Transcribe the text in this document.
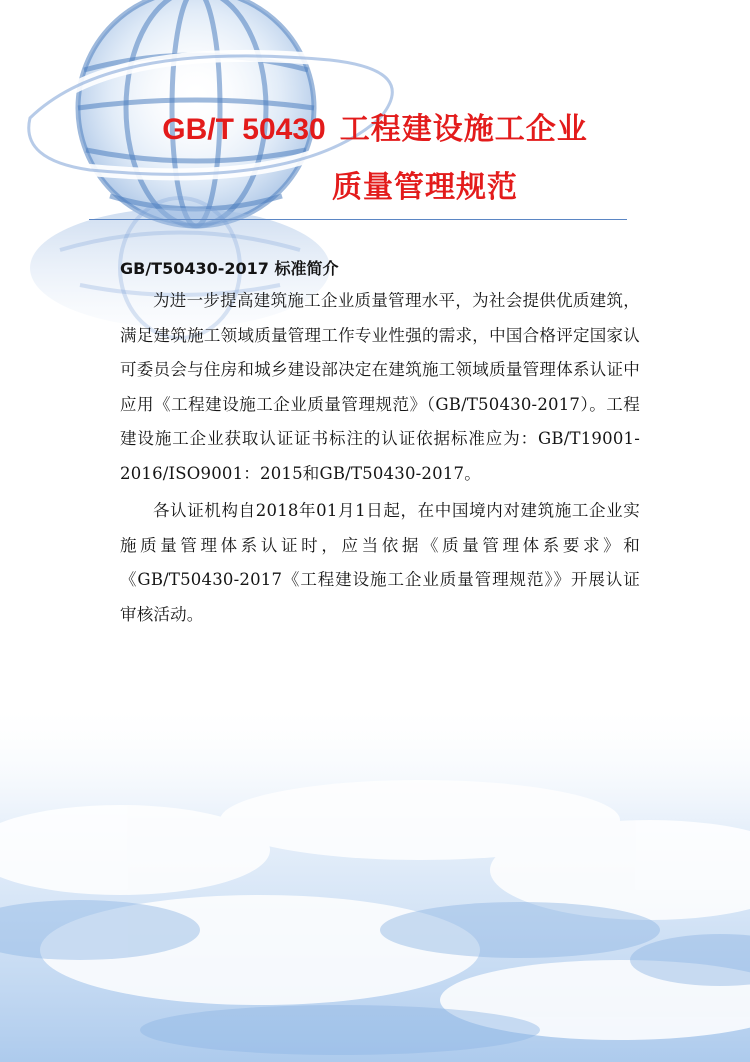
GB/T 50430 工程建设施工企业
质量管理规范

GB/T50430-2017 标准简介

为进一步提高建筑施工企业质量管理水平，为社会提供优质建筑，满足建筑施工领域质量管理工作专业性强的需求，中国合格评定国家认可委员会与住房和城乡建设部决定在建筑施工领域质量管理体系认证中应用《工程建设施工企业质量管理规范》（GB/T50430-2017）。工程建设施工企业获取认证证书标注的认证依据标准应为：GB/T19001-2016/ISO9001：2015和GB/T50430-2017。

各认证机构自2018年01月1日起，在中国境内对建筑施工企业实施质量管理体系认证时，应当依据《质量管理体系要求》和《GB/T50430-2017《工程建设施工企业质量管理规范》》开展认证审核活动。
